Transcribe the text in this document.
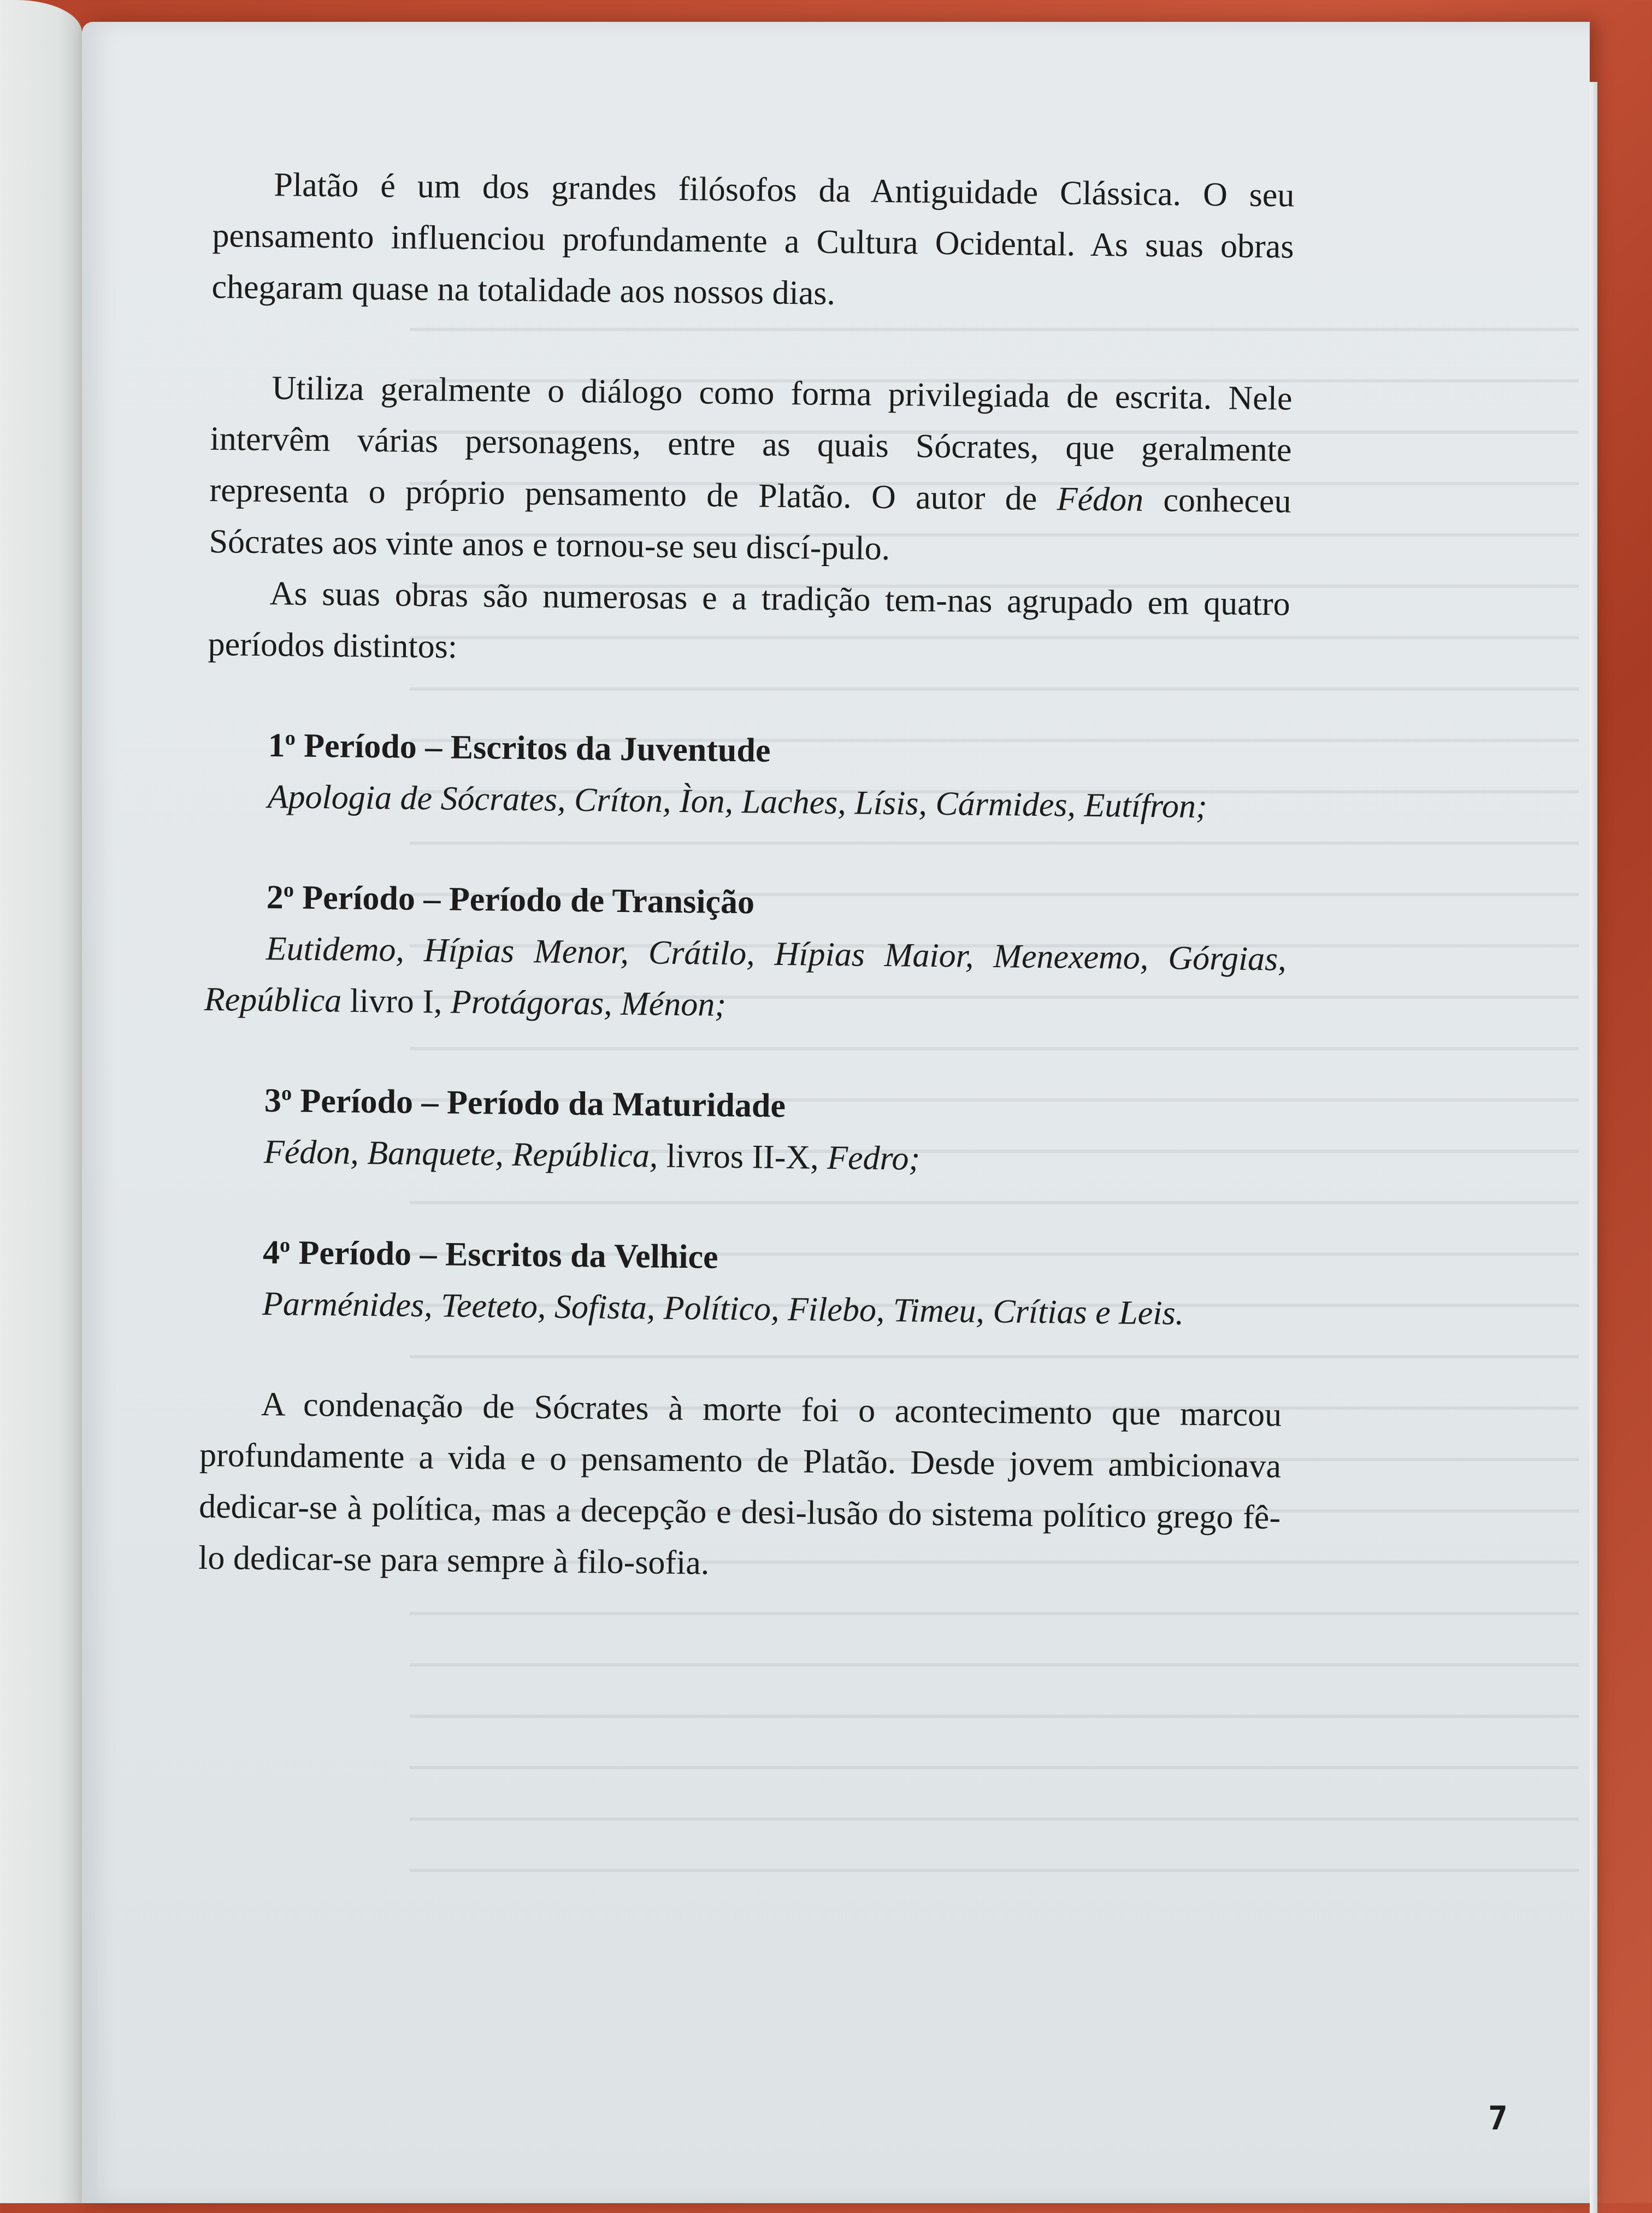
Platão é um dos grandes filósofos da Antiguidade Clássica. O seu pensamento influenciou profundamente a Cultura Ocidental. As suas obras chegaram quase na totalidade aos nossos dias.

Utiliza geralmente o diálogo como forma privilegiada de escrita. Nele intervêm várias personagens, entre as quais Sócrates, que geralmente representa o próprio pensamento de Platão. O autor de Fédon conheceu Sócrates aos vinte anos e tornou-se seu discí-pulo.

As suas obras são numerosas e a tradição tem-nas agrupado em quatro períodos distintos:

1$^o$ Período – Escritos da Juventude

Apologia de Sócrates, Críton, Ìon, Laches, Lísis, Cármides, Eutífron;

2$^o$ Período – Período de Transição

Eutidemo, Hípias Menor, Crátilo, Hípias Maior, Menexemo, Górgias, República livro I, Protágoras, Ménon;

3$^o$ Período – Período da Maturidade

Fédon, Banquete, República, livros II-X, Fedro;

4$^o$ Período – Escritos da Velhice

Parménides, Teeteto, Sofista, Político, Filebo, Timeu, Crítias e Leis.

A condenação de Sócrates à morte foi o acontecimento que marcou profundamente a vida e o pensamento de Platão. Desde jovem ambicionava dedicar-se à política, mas a decepção e desi-lusão do sistema político grego fê-lo dedicar-se para sempre à filo-sofia.

7
